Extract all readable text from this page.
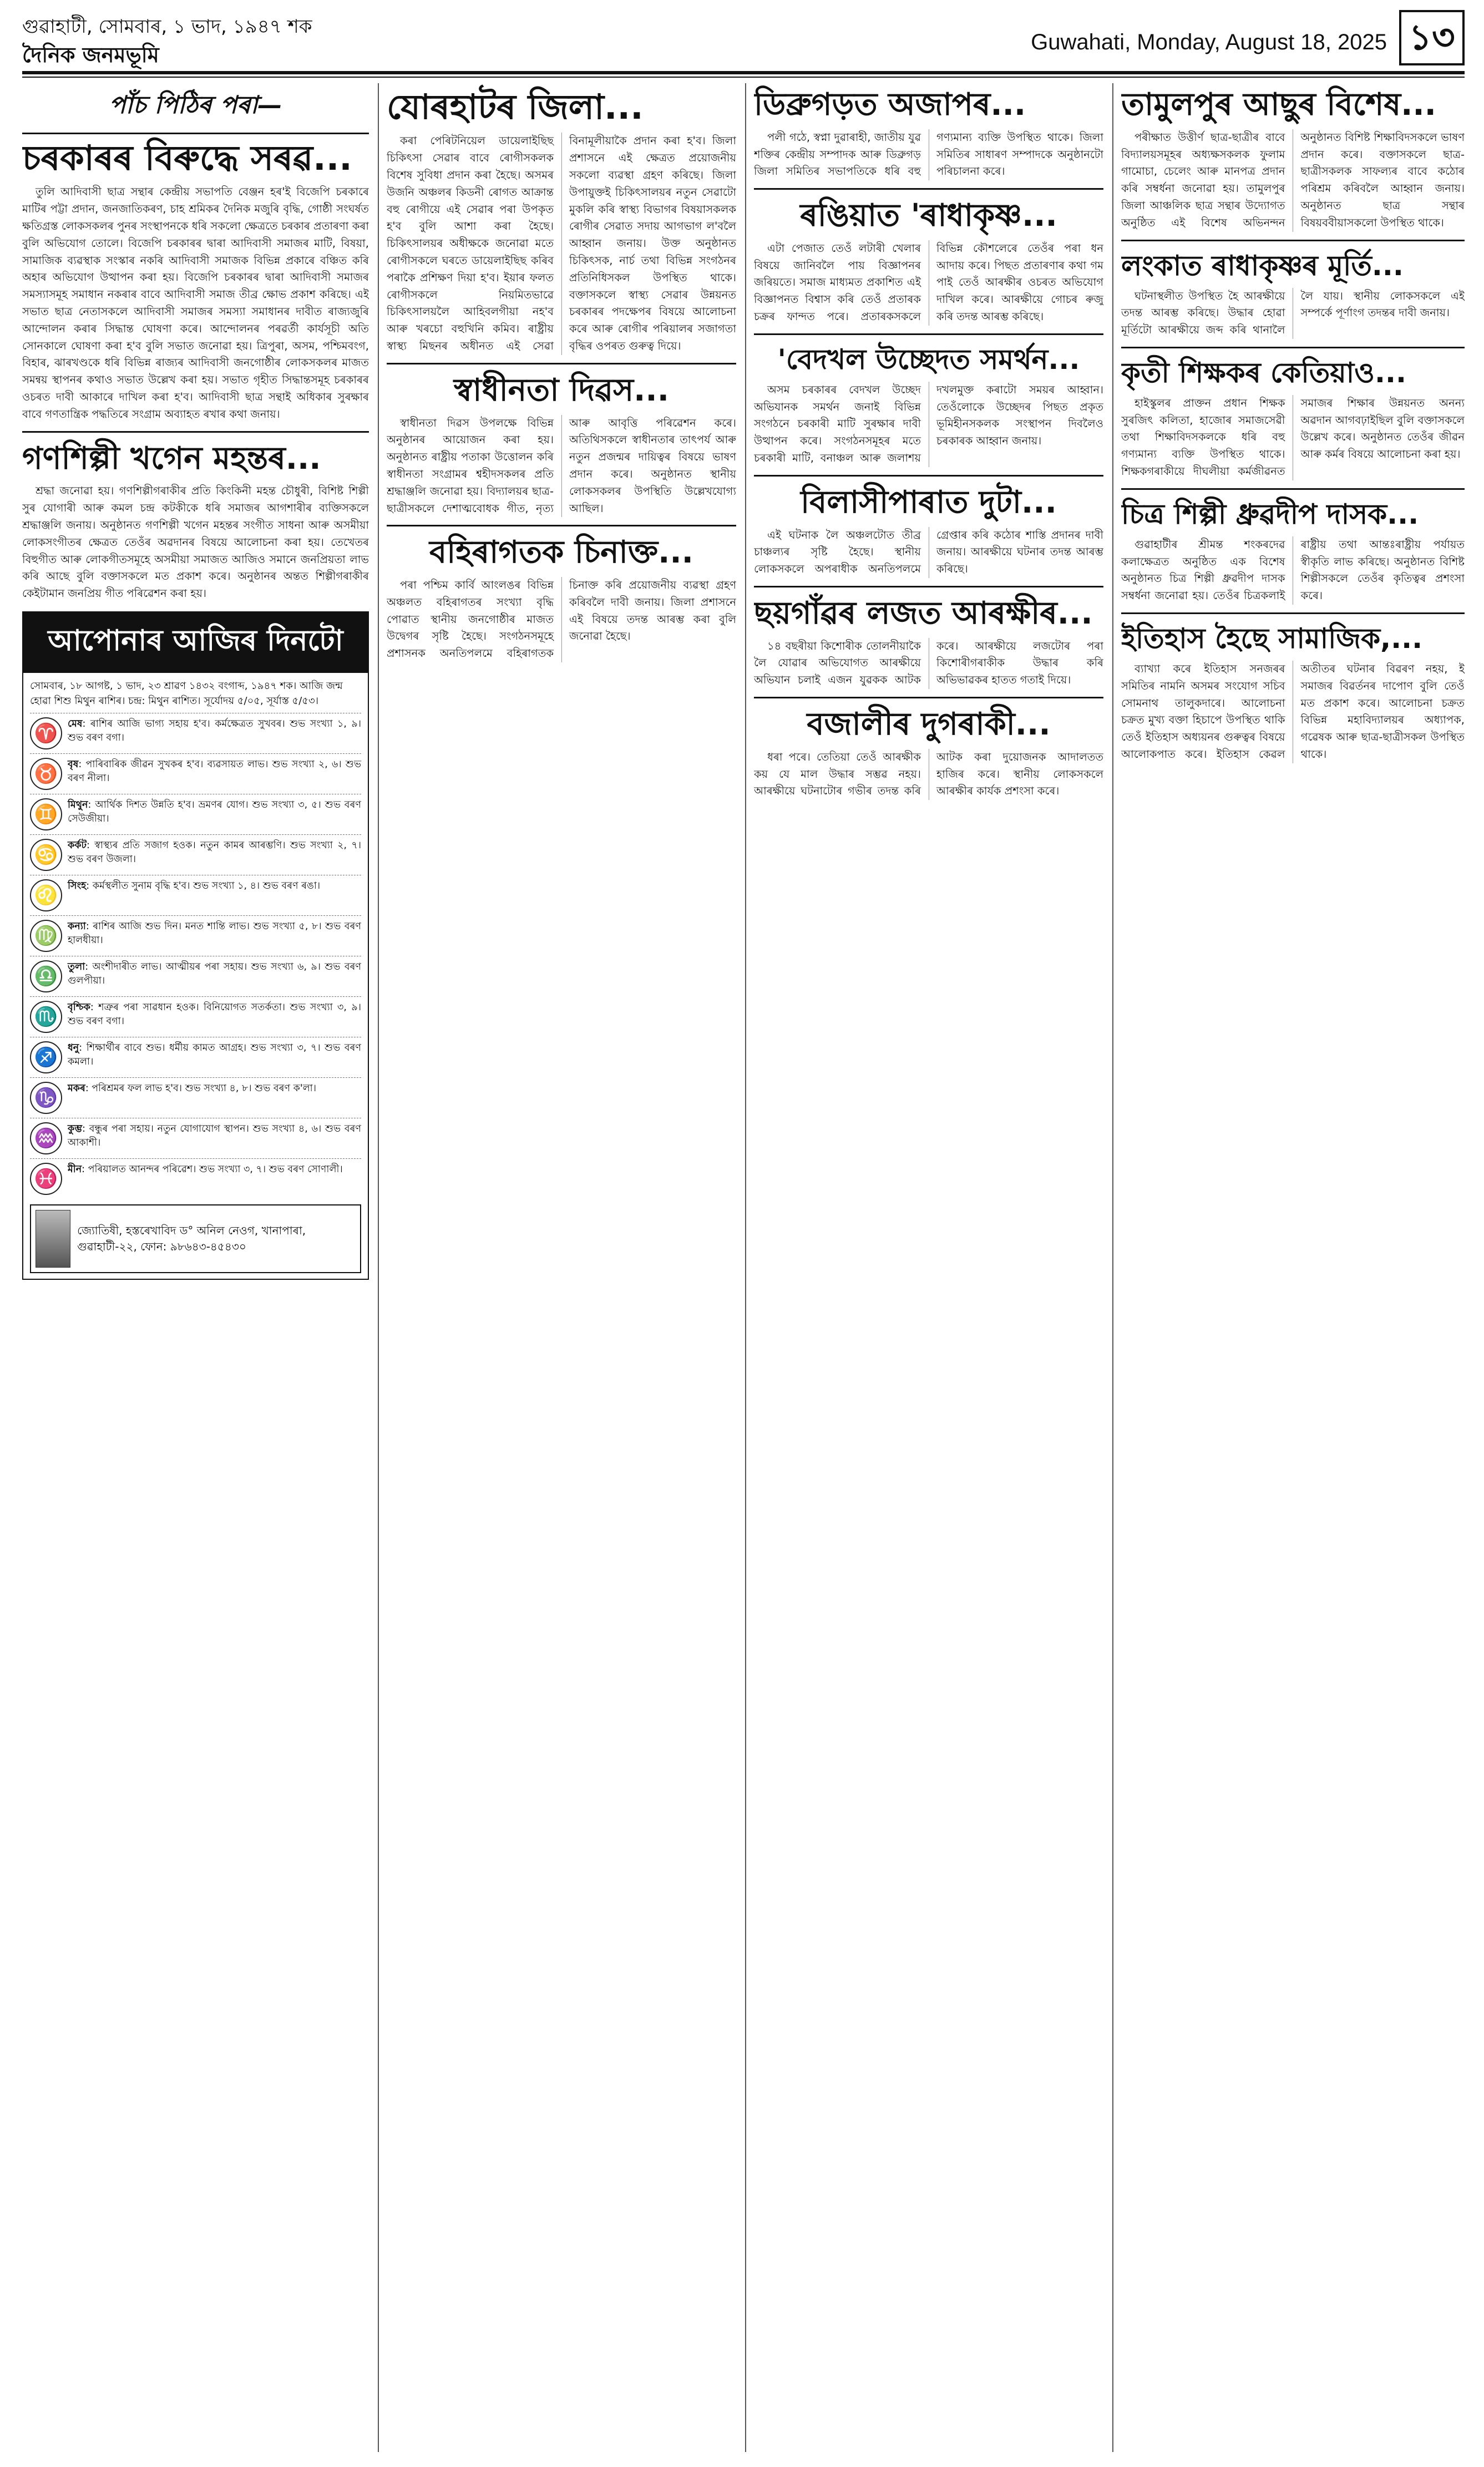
গুৱাহাটী, সোমবাৰ, ১ ভাদ, ১৯৪৭ শক
দৈনিক জনমভূমি
Guwahati, Monday, August 18, 2025 ১৩
পাঁচ পিঠিৰ পৰা—
চৰকাৰৰ বিৰুদ্ধে সৰৱ...

তুলি আদিবাসী ছাত্ৰ সন্থাৰ কেন্দ্ৰীয় সভাপতি বেঞ্জন হৰ'ই বিজেপি চৰকাৰে মাটিৰ পট্টা প্ৰদান, জনজাতিকৰণ, চাহ শ্ৰমিকৰ দৈনিক মজুৰি বৃদ্ধি, গোষ্ঠী সংঘৰ্ষত ক্ষতিগ্ৰস্ত লোকসকলৰ পুনৰ সংস্থাপনকে ধৰি সকলো ক্ষেত্ৰতে চৰকাৰ প্ৰতাৰণা কৰা বুলি অভিযোগ তোলে। বিজেপি চৰকাৰৰ দ্বাৰা আদিবাসী সমাজৰ মাটি, বিষয়া, সামাজিক ব্যৱস্থাক সংস্কাৰ নকৰি আদিবাসী সমাজক বিভিন্ন প্ৰকাৰে বঞ্চিত কৰি অহাৰ অভিযোগ উত্থাপন কৰা হয়। বিজেপি চৰকাৰৰ দ্বাৰা আদিবাসী সমাজৰ সমস্যাসমূহ সমাধান নকৰাৰ বাবে আদিবাসী সমাজ তীব্ৰ ক্ষোভ প্ৰকাশ কৰিছে। এই সভাত ছাত্ৰ নেতাসকলে আদিবাসী সমাজৰ সমস্যা সমাধানৰ দাবীত ৰাজ্যজুৰি আন্দোলন কৰাৰ সিদ্ধান্ত ঘোষণা কৰে। আন্দোলনৰ পৰৱৰ্তী কাৰ্যসূচী অতি সোনকালে ঘোষণা কৰা হ'ব বুলি সভাত জনোৱা হয়। ত্ৰিপুৰা, অসম, পশ্চিমবংগ, বিহাৰ, ঝাৰখণ্ডকে ধৰি বিভিন্ন ৰাজ্যৰ আদিবাসী জনগোষ্ঠীৰ লোকসকলৰ মাজত সমন্বয় স্থাপনৰ কথাও সভাত উল্লেখ কৰা হয়। সভাত গৃহীত সিদ্ধান্তসমূহ চৰকাৰৰ ওচৰত দাবী আকাৰে দাখিল কৰা হ'ব। আদিবাসী ছাত্ৰ সন্থাই অধিকাৰ সুৰক্ষাৰ বাবে গণতান্ত্ৰিক পদ্ধতিৰে সংগ্ৰাম অব্যাহত ৰখাৰ কথা জনায়।

গণশিল্পী খগেন মহন্তৰ...

শ্ৰদ্ধা জনোৱা হয়। গণশিল্পীগৰাকীৰ প্ৰতি কিংকিনী মহন্ত চৌধুৰী, বিশিষ্ট শিল্পী সুৰ যোগাৰী আৰু কমল চন্দ্ৰ কটকীকে ধৰি সমাজৰ আগশাৰীৰ ব্যক্তিসকলে শ্ৰদ্ধাঞ্জলি জনায়। অনুষ্ঠানত গণশিল্পী খগেন মহন্তৰ সংগীত সাধনা আৰু অসমীয়া লোকসংগীতৰ ক্ষেত্ৰত তেওঁৰ অৱদানৰ বিষয়ে আলোচনা কৰা হয়। তেখেতৰ বিহুগীত আৰু লোকগীতসমূহে অসমীয়া সমাজত আজিও সমানে জনপ্ৰিয়তা লাভ কৰি আছে বুলি বক্তাসকলে মত প্ৰকাশ কৰে। অনুষ্ঠানৰ অন্তত শিল্পীগৰাকীৰ কেইটামান জনপ্ৰিয় গীত পৰিৱেশন কৰা হয়।

আপোনাৰ আজিৰ দিনটো
সোমবাৰ, ১৮ আগষ্ট, ১ ভাদ, ২৩ শ্ৰাৱণ ১৪৩২ বংগাব্দ, ১৯৪৭ শক। আজি জন্ম হোৱা শিশু মিথুন ৰাশিৰ। চন্দ্ৰ: মিথুন ৰাশিত। সূৰ্যোদয় ৫/০৫, সূৰ্যাস্ত ৫/৫৩।
♈	মেষ: ৰাশিৰ আজি ভাগ্য সহায় হ'ব। কৰ্মক্ষেত্ৰত সুখবৰ। শুভ সংখ্যা ১, ৯। শুভ বৰণ বগা।
♉	বৃষ: পাৰিবাৰিক জীৱন সুখকৰ হ'ব। ব্যৱসায়ত লাভ। শুভ সংখ্যা ২, ৬। শুভ বৰণ নীলা।
♊	মিথুন: আৰ্থিক দিশত উন্নতি হ'ব। ভ্ৰমণৰ যোগ। শুভ সংখ্যা ৩, ৫। শুভ বৰণ সেউজীয়া।
♋	কৰ্কট: স্বাস্থ্যৰ প্ৰতি সজাগ হওক। নতুন কামৰ আৰম্ভণি। শুভ সংখ্যা ২, ৭। শুভ বৰণ উজলা।
♌	সিংহ: কৰ্মস্থলীত সুনাম বৃদ্ধি হ'ব। শুভ সংখ্যা ১, ৪। শুভ বৰণ ৰঙা।
♍	কন্যা: ৰাশিৰ আজি শুভ দিন। মনত শান্তি লাভ। শুভ সংখ্যা ৫, ৮। শুভ বৰণ হালধীয়া।
♎	তুলা: অংশীদাৰীত লাভ। আত্মীয়ৰ পৰা সহায়। শুভ সংখ্যা ৬, ৯। শুভ বৰণ গুলপীয়া।
♏	বৃশ্চিক: শত্ৰুৰ পৰা সাৱধান হওক। বিনিয়োগত সতৰ্কতা। শুভ সংখ্যা ৩, ৯। শুভ বৰণ বগা।
♐	ধনু: শিক্ষাৰ্থীৰ বাবে শুভ। ধৰ্মীয় কামত আগ্ৰহ। শুভ সংখ্যা ৩, ৭। শুভ বৰণ কমলা।
♑	মকৰ: পৰিশ্ৰমৰ ফল লাভ হ'ব। শুভ সংখ্যা ৪, ৮। শুভ বৰণ ক'লা।
♒	কুম্ভ: বন্ধুৰ পৰা সহায়। নতুন যোগাযোগ স্থাপন। শুভ সংখ্যা ৪, ৬। শুভ বৰণ আকাশী।
♓	মীন: পৰিয়ালত আনন্দৰ পৰিৱেশ। শুভ সংখ্যা ৩, ৭। শুভ বৰণ সোণালী।
জ্যোতিষী, হস্তৰেখাবিদ ড° অনিল নেওগ, খানাপাৰা, গুৱাহাটী-২২, ফোন: ৯৮৬৪৩-৪৫৪৩০
যোৰহাটৰ জিলা...

কৰা পেৰিটনিয়েল ডায়েলাইছিছ চিকিৎসা সেৱাৰ বাবে ৰোগীসকলক বিশেষ সুবিধা প্ৰদান কৰা হৈছে। অসমৰ উজনি অঞ্চলৰ কিডনী ৰোগত আক্ৰান্ত বহু ৰোগীয়ে এই সেৱাৰ পৰা উপকৃত হ'ব বুলি আশা কৰা হৈছে। চিকিৎসালয়ৰ অধীক্ষকে জনোৱা মতে ৰোগীসকলে ঘৰতে ডায়েলাইছিছ কৰিব পৰাকৈ প্ৰশিক্ষণ দিয়া হ'ব। ইয়াৰ ফলত ৰোগীসকলে নিয়মিতভাৱে চিকিৎসালয়লৈ আহিবলগীয়া নহ'ব আৰু খৰচো বহুখিনি কমিব। ৰাষ্ট্ৰীয় স্বাস্থ্য মিছনৰ অধীনত এই সেৱা বিনামূলীয়াকৈ প্ৰদান কৰা হ'ব। জিলা প্ৰশাসনে এই ক্ষেত্ৰত প্ৰয়োজনীয় সকলো ব্যৱস্থা গ্ৰহণ কৰিছে। জিলা উপায়ুক্তই চিকিৎসালয়ৰ নতুন সেৱাটো মুকলি কৰি স্বাস্থ্য বিভাগৰ বিষয়াসকলক ৰোগীৰ সেৱাত সদায় আগভাগ ল'বলৈ আহ্বান জনায়। উক্ত অনুষ্ঠানত চিকিৎসক, নাৰ্চ তথা বিভিন্ন সংগঠনৰ প্ৰতিনিধিসকল উপস্থিত থাকে। বক্তাসকলে স্বাস্থ্য সেৱাৰ উন্নয়নত চৰকাৰৰ পদক্ষেপৰ বিষয়ে আলোচনা কৰে আৰু ৰোগীৰ পৰিয়ালৰ সজাগতা বৃদ্ধিৰ ওপৰত গুৰুত্ব দিয়ে।

স্বাধীনতা দিৱস...

স্বাধীনতা দিৱস উপলক্ষে বিভিন্ন অনুষ্ঠানৰ আয়োজন কৰা হয়। অনুষ্ঠানত ৰাষ্ট্ৰীয় পতাকা উত্তোলন কৰি স্বাধীনতা সংগ্ৰামৰ শ্বহীদসকলৰ প্ৰতি শ্ৰদ্ধাঞ্জলি জনোৱা হয়। বিদ্যালয়ৰ ছাত্ৰ-ছাত্ৰীসকলে দেশাত্মবোধক গীত, নৃত্য আৰু আবৃত্তি পৰিৱেশন কৰে। অতিথিসকলে স্বাধীনতাৰ তাৎপৰ্য আৰু নতুন প্ৰজন্মৰ দায়িত্বৰ বিষয়ে ভাষণ প্ৰদান কৰে। অনুষ্ঠানত স্থানীয় লোকসকলৰ উপস্থিতি উল্লেখযোগ্য আছিল।

বহিৰাগতক চিনাক্ত...

পৰা পশ্চিম কাৰ্বি আংলঙৰ বিভিন্ন অঞ্চলত বহিৰাগতৰ সংখ্যা বৃদ্ধি পোৱাত স্থানীয় জনগোষ্ঠীৰ মাজত উদ্বেগৰ সৃষ্টি হৈছে। সংগঠনসমূহে প্ৰশাসনক অনতিপলমে বহিৰাগতক চিনাক্ত কৰি প্ৰয়োজনীয় ব্যৱস্থা গ্ৰহণ কৰিবলৈ দাবী জনায়। জিলা প্ৰশাসনে এই বিষয়ে তদন্ত আৰম্ভ কৰা বুলি জনোৱা হৈছে।

ডিব্ৰুগড়ত অজাপৰ...

পলী গঠে, স্বপ্না দুৱাৰাহী, জাতীয় যুৱ শক্তিৰ কেন্দ্ৰীয় সম্পাদক আৰু ডিব্ৰুগড় জিলা সমিতিৰ সভাপতিকে ধৰি বহু গণ্যমান্য ব্যক্তি উপস্থিত থাকে। জিলা সমিতিৰ সাধাৰণ সম্পাদকে অনুষ্ঠানটো পৰিচালনা কৰে।

ৰঙিয়াত 'ৰাধাকৃষ্ণ...

এটা পেজাত তেওঁ লটাৰী খেলাৰ বিষয়ে জানিবলৈ পায় বিজ্ঞাপনৰ জৰিয়তে। সমাজ মাধ্যমত প্ৰকাশিত এই বিজ্ঞাপনত বিশ্বাস কৰি তেওঁ প্ৰতাৰক চক্ৰৰ ফান্দত পৰে। প্ৰতাৰকসকলে বিভিন্ন কৌশলেৰে তেওঁৰ পৰা ধন আদায় কৰে। পিছত প্ৰতাৰণাৰ কথা গম পাই তেওঁ আৰক্ষীৰ ওচৰত অভিযোগ দাখিল কৰে। আৰক্ষীয়ে গোচৰ ৰুজু কৰি তদন্ত আৰম্ভ কৰিছে।

'বেদখল উচ্ছেদত সমৰ্থন...

অসম চৰকাৰৰ বেদখল উচ্ছেদ অভিযানক সমৰ্থন জনাই বিভিন্ন সংগঠনে চৰকাৰী মাটি সুৰক্ষাৰ দাবী উত্থাপন কৰে। সংগঠনসমূহৰ মতে চৰকাৰী মাটি, বনাঞ্চল আৰু জলাশয় দখলমুক্ত কৰাটো সময়ৰ আহ্বান। তেওঁলোকে উচ্ছেদৰ পিছত প্ৰকৃত ভূমিহীনসকলক সংস্থাপন দিবলৈও চৰকাৰক আহ্বান জনায়।

বিলাসীপাৰাত দুটা...

এই ঘটনাক লৈ অঞ্চলটোত তীব্ৰ চাঞ্চল্যৰ সৃষ্টি হৈছে। স্থানীয় লোকসকলে অপৰাধীক অনতিপলমে গ্ৰেপ্তাৰ কৰি কঠোৰ শাস্তি প্ৰদানৰ দাবী জনায়। আৰক্ষীয়ে ঘটনাৰ তদন্ত আৰম্ভ কৰিছে।

ছয়গাঁৱৰ লজত আৰক্ষীৰ...

১৪ বছৰীয়া কিশোৰীক তোলনীয়াকৈ লৈ যোৱাৰ অভিযোগত আৰক্ষীয়ে অভিযান চলাই এজন যুৱকক আটক কৰে। আৰক্ষীয়ে লজটোৰ পৰা কিশোৰীগৰাকীক উদ্ধাৰ কৰি অভিভাৱকৰ হাতত গতাই দিয়ে।

বজালীৰ দুগৰাকী...

ধৰা পৰে। তেতিয়া তেওঁ আৰক্ষীক কয় যে মাল উদ্ধাৰ সম্ভৱ নহয়। আৰক্ষীয়ে ঘটনাটোৰ গভীৰ তদন্ত কৰি আটক কৰা দুয়োজনক আদালতত হাজিৰ কৰে। স্থানীয় লোকসকলে আৰক্ষীৰ কাৰ্যক প্ৰশংসা কৰে।

তামুলপুৰ আছুৰ বিশেষ...

পৰীক্ষাত উত্তীৰ্ণ ছাত্ৰ-ছাত্ৰীৰ বাবে বিদ্যালয়সমূহৰ অধ্যক্ষসকলক ফুলাম গামোচা, চেলেং আৰু মানপত্ৰ প্ৰদান কৰি সম্বৰ্ধনা জনোৱা হয়। তামুলপুৰ জিলা আঞ্চলিক ছাত্ৰ সন্থাৰ উদ্যোগত অনুষ্ঠিত এই বিশেষ অভিনন্দন অনুষ্ঠানত বিশিষ্ট শিক্ষাবিদসকলে ভাষণ প্ৰদান কৰে। বক্তাসকলে ছাত্ৰ-ছাত্ৰীসকলক সাফল্যৰ বাবে কঠোৰ পৰিশ্ৰম কৰিবলৈ আহ্বান জনায়। অনুষ্ঠানত ছাত্ৰ সন্থাৰ বিষয়ববীয়াসকলো উপস্থিত থাকে।

লংকাত ৰাধাকৃষ্ণৰ মূৰ্তি...

ঘটনাস্থলীত উপস্থিত হৈ আৰক্ষীয়ে তদন্ত আৰম্ভ কৰিছে। উদ্ধাৰ হোৱা মূৰ্তিটো আৰক্ষীয়ে জব্দ কৰি থানালৈ লৈ যায়। স্থানীয় লোকসকলে এই সম্পৰ্কে পূৰ্ণাংগ তদন্তৰ দাবী জনায়।

কৃতী শিক্ষকৰ কেতিয়াও...

হাইস্কুলৰ প্ৰাক্তন প্ৰধান শিক্ষক সুৰজিৎ কলিতা, হাজোৰ সমাজসেৱী তথা শিক্ষাবিদসকলকে ধৰি বহু গণ্যমান্য ব্যক্তি উপস্থিত থাকে। শিক্ষকগৰাকীয়ে দীঘলীয়া কৰ্মজীৱনত সমাজৰ শিক্ষাৰ উন্নয়নত অনন্য অৱদান আগবঢ়াইছিল বুলি বক্তাসকলে উল্লেখ কৰে। অনুষ্ঠানত তেওঁৰ জীৱন আৰু কৰ্মৰ বিষয়ে আলোচনা কৰা হয়।

চিত্ৰ শিল্পী ধ্ৰুৱদীপ দাসক...

গুৱাহাটীৰ শ্ৰীমন্ত শংকৰদেৱ কলাক্ষেত্ৰত অনুষ্ঠিত এক বিশেষ অনুষ্ঠানত চিত্ৰ শিল্পী ধ্ৰুৱদীপ দাসক সম্বৰ্ধনা জনোৱা হয়। তেওঁৰ চিত্ৰকলাই ৰাষ্ট্ৰীয় তথা আন্তঃৰাষ্ট্ৰীয় পৰ্যায়ত স্বীকৃতি লাভ কৰিছে। অনুষ্ঠানত বিশিষ্ট শিল্পীসকলে তেওঁৰ কৃতিত্বৰ প্ৰশংসা কৰে।

ইতিহাস হৈছে সামাজিক,...

ব্যাখ্যা কৰে ইতিহাস সনজৰৰ সমিতিৰ নামনি অসমৰ সংযোগ সচিব সোমনাথ তালুকদাৰে। আলোচনা চক্ৰত মুখ্য বক্তা হিচাপে উপস্থিত থাকি তেওঁ ইতিহাস অধ্যয়নৰ গুৰুত্বৰ বিষয়ে আলোকপাত কৰে। ইতিহাস কেৱল অতীতৰ ঘটনাৰ বিৱৰণ নহয়, ই সমাজৰ বিৱৰ্তনৰ দাপোণ বুলি তেওঁ মত প্ৰকাশ কৰে। আলোচনা চক্ৰত বিভিন্ন মহাবিদ্যালয়ৰ অধ্যাপক, গৱেষক আৰু ছাত্ৰ-ছাত্ৰীসকল উপস্থিত থাকে।
